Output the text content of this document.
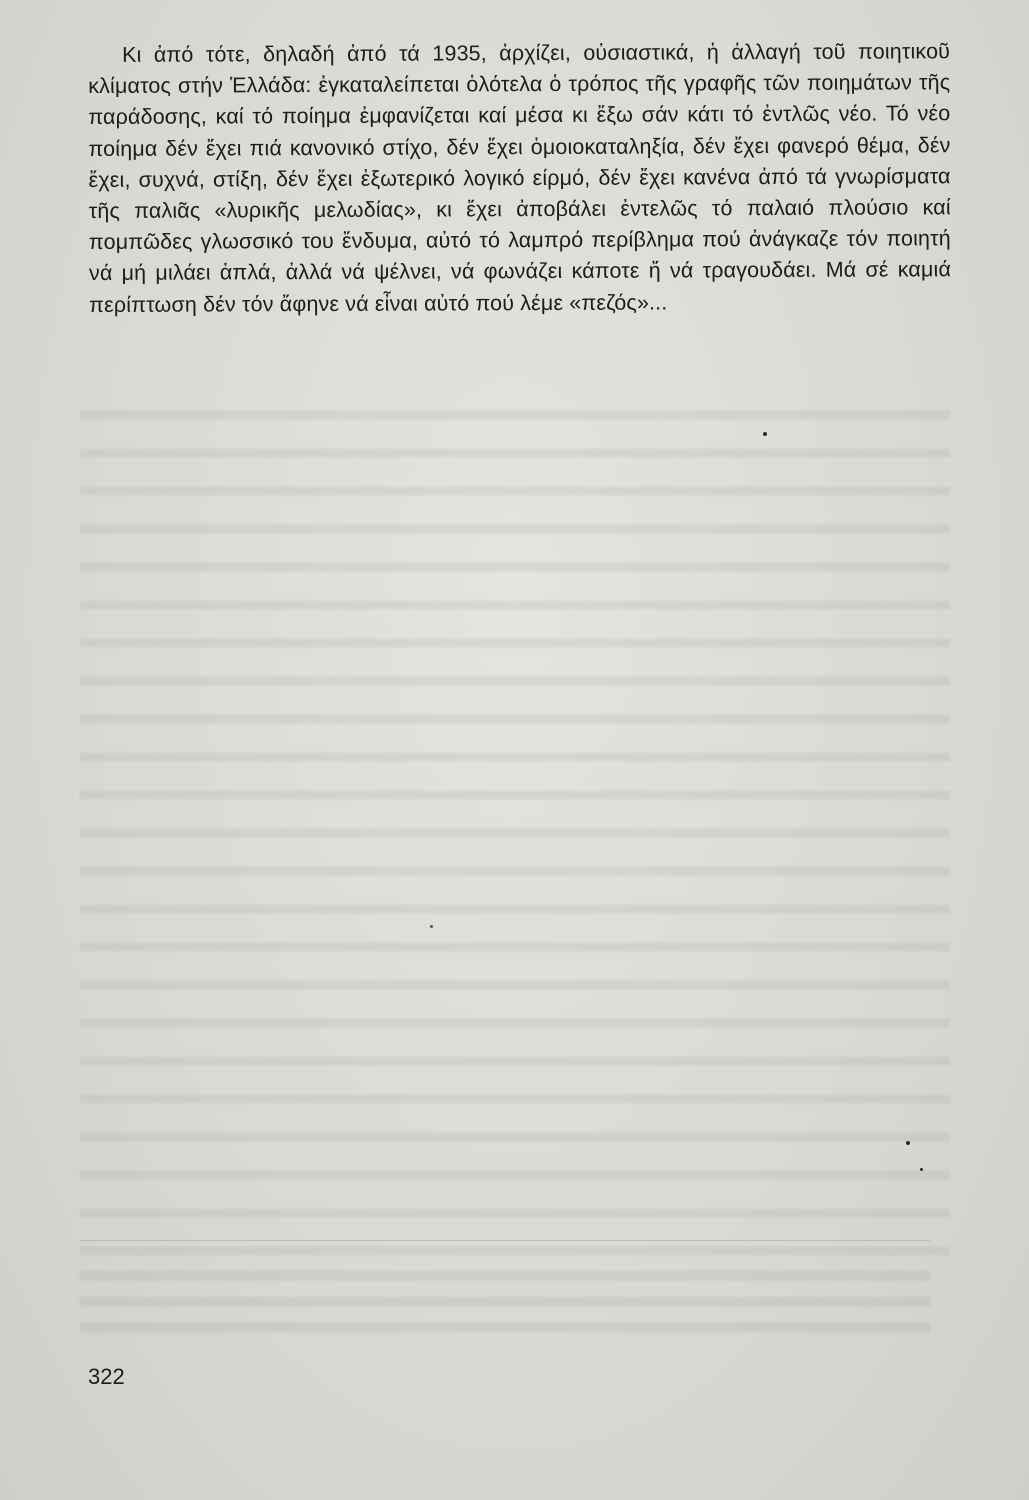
Κι ἀπό τότε, δηλαδή ἀπό τά 1935, ἀρχίζει, οὐσιαστικά, ἡ ἀλλαγή τοῦ ποιητικοῦ κλίματος στήν Ἑλλάδα: ἐγκαταλείπεται ὁλότελα ὁ τρόπος τῆς γραφῆς τῶν ποιημάτων τῆς παράδοσης, καί τό ποίημα ἐμφανίζεται καί μέσα κι ἔξω σάν κάτι τό ἐντλῶς νέο. Τό νέο ποίημα δέν ἔχει πιά κανονικό στίχο, δέν ἔχει ὁμοιοκαταληξία, δέν ἔχει φανερό θέμα, δέν ἔχει, συχνά, στίξη, δέν ἔχει ἐξωτερικό λογικό είρμό, δέν ἔχει κανένα ἀπό τά γνωρίσματα τῆς παλιᾶς «λυρικῆς μελωδίας», κι ἔχει ἀποβάλει ἐντελῶς τό παλαιό πλούσιο καί πομπῶδες γλωσσικό του ἔνδυμα, αὐτό τό λαμπρό περίβλημα πού ἀνάγκαζε τόν ποιητή νά μή μιλάει ἁπλά, ἀλλά νά ψέλνει, νά φωνάζει κάποτε ἤ νά τραγουδάει. Μά σέ καμιά περίπτωση δέν τόν ἄφηνε νά εἶναι αὐτό πού λέμε «πεζός»...

322
